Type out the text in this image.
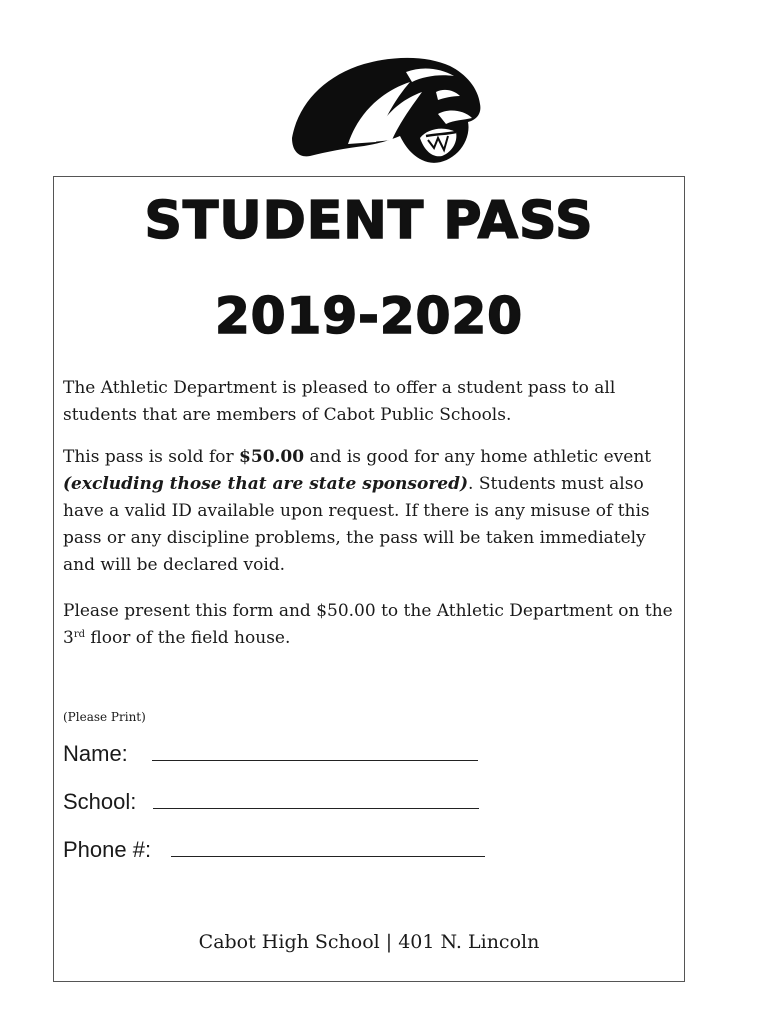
STUDENT PASS
2019-2020

The Athletic Department is pleased to offer a student pass to all students that are members of Cabot Public Schools.

This pass is sold for $50.00 and is good for any home athletic event (excluding those that are state sponsored). Students must also have a valid ID available upon request. If there is any misuse of this pass or any discipline problems, the pass will be taken immediately and will be declared void.

Please present this form and $50.00 to the Athletic Department on the 3rd floor of the field house.

(Please Print)
Name:
School:
Phone #:
Cabot High School | 401 N. Lincoln
